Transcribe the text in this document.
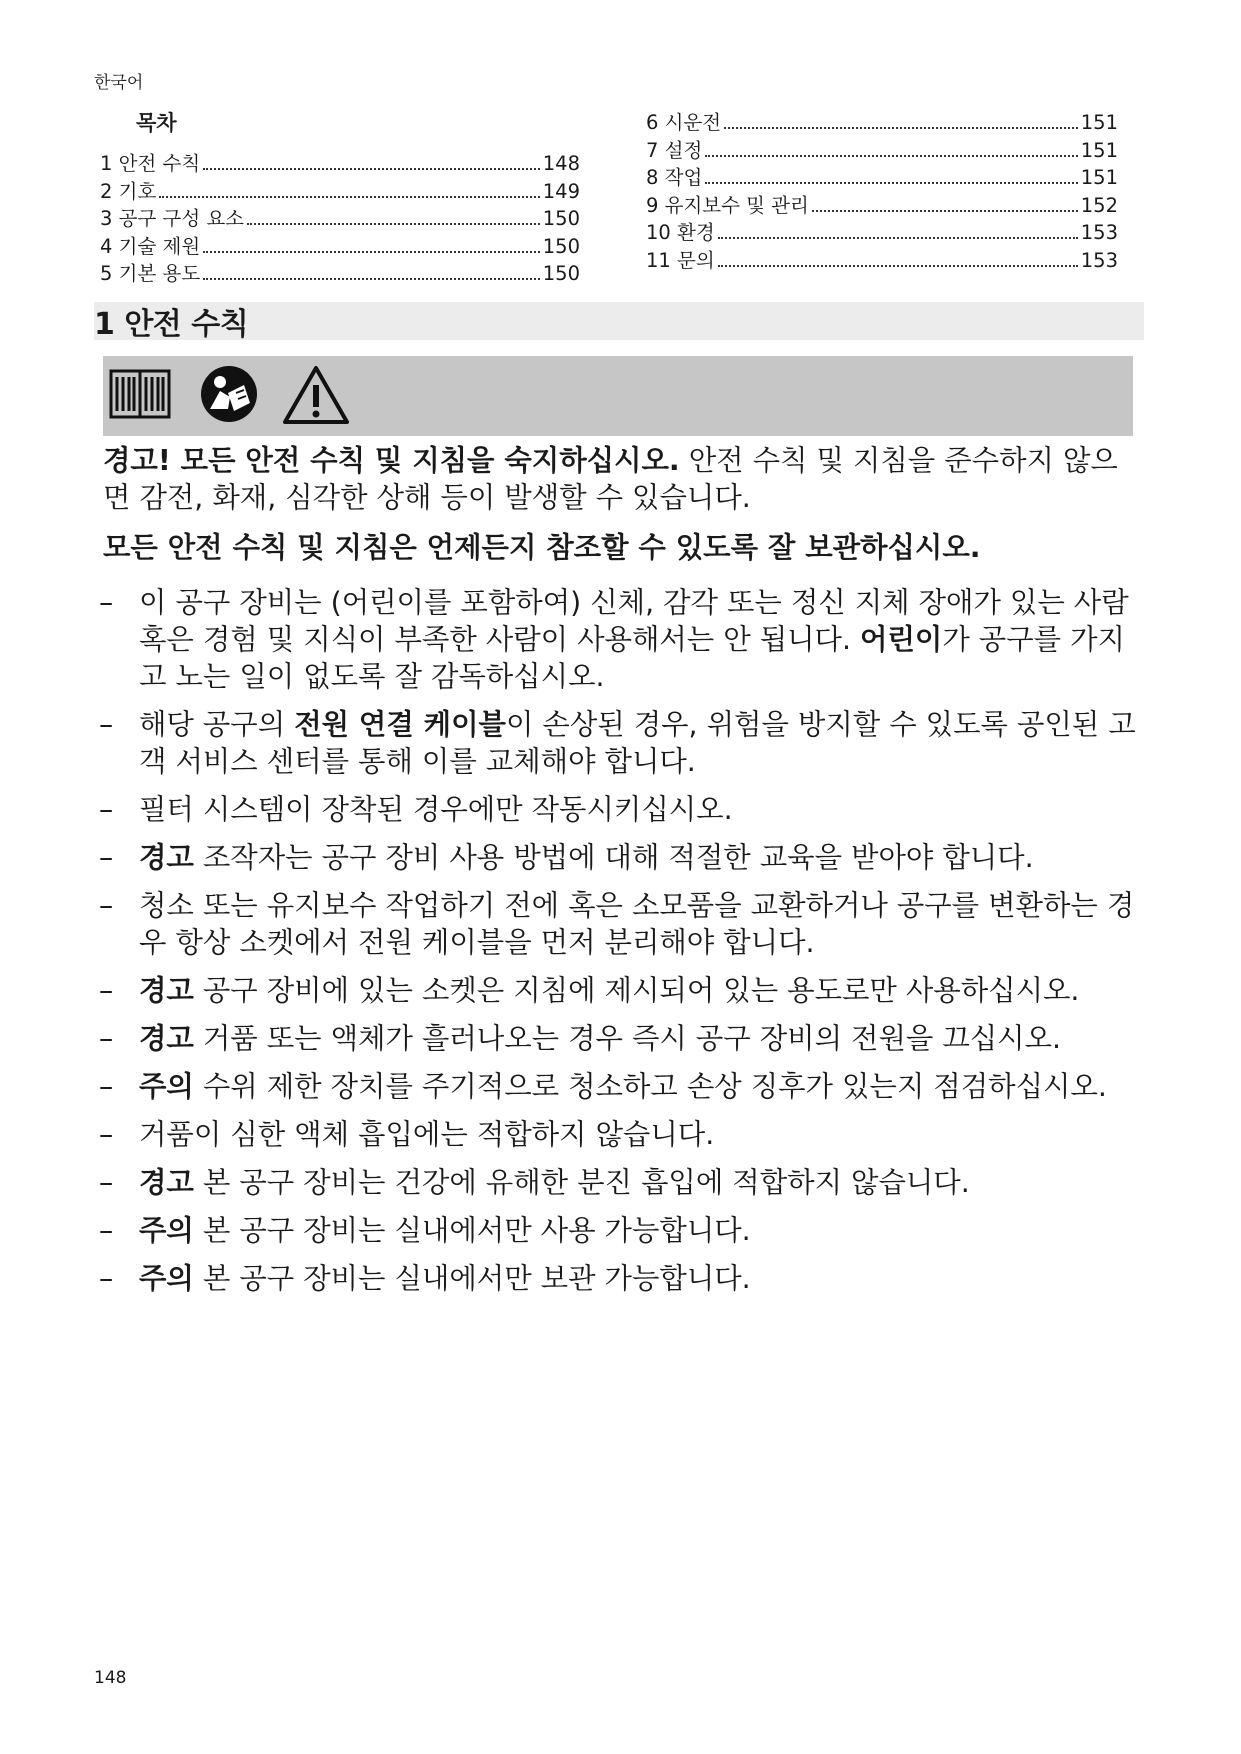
한국어
목차
1 안전 수칙	148
2 기호	149
3 공구 구성 요소	150
4 기술 제원	150
5 기본 용도	150
6 시운전	151
7 설정	151
8 작업	151
9 유지보수 및 관리	152
10 환경	153
11 문의	153
1 안전 수칙
경고! 모든 안전 수칙 및 지침을 숙지하십시오. 안전 수칙 및 지침을 준수하지 않으면 감전, 화재, 심각한 상해 등이 발생할 수 있습니다.
모든 안전 수칙 및 지침은 언제든지 참조할 수 있도록 잘 보관하십시오.
– 이 공구 장비는 (어린이를 포함하여) 신체, 감각 또는 정신 지체 장애가 있는 사람 혹은 경험 및 지식이 부족한 사람이 사용해서는 안 됩니다. 어린이가 공구를 가지고 노는 일이 없도록 잘 감독하십시오.
– 해당 공구의 전원 연결 케이블이 손상된 경우, 위험을 방지할 수 있도록 공인된 고객 서비스 센터를 통해 이를 교체해야 합니다.
– 필터 시스템이 장착된 경우에만 작동시키십시오.
– 경고 조작자는 공구 장비 사용 방법에 대해 적절한 교육을 받아야 합니다.
– 청소 또는 유지보수 작업하기 전에 혹은 소모품을 교환하거나 공구를 변환하는 경우 항상 소켓에서 전원 케이블을 먼저 분리해야 합니다.
– 경고 공구 장비에 있는 소켓은 지침에 제시되어 있는 용도로만 사용하십시오.
– 경고 거품 또는 액체가 흘러나오는 경우 즉시 공구 장비의 전원을 끄십시오.
– 주의 수위 제한 장치를 주기적으로 청소하고 손상 징후가 있는지 점검하십시오.
– 거품이 심한 액체 흡입에는 적합하지 않습니다.
– 경고 본 공구 장비는 건강에 유해한 분진 흡입에 적합하지 않습니다.
– 주의 본 공구 장비는 실내에서만 사용 가능합니다.
– 주의 본 공구 장비는 실내에서만 보관 가능합니다.
148
